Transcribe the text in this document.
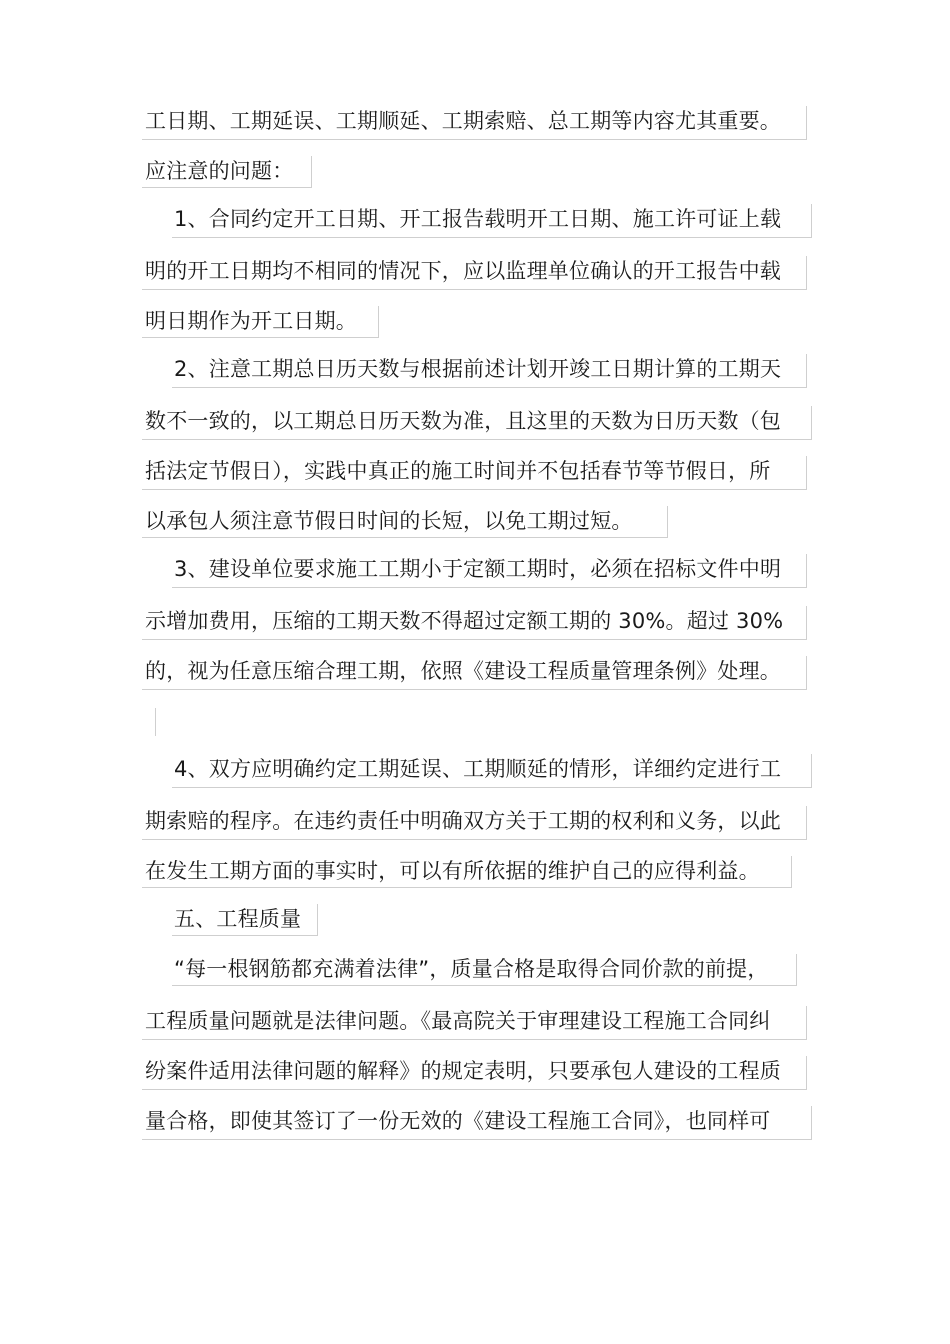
工日期、工期延误、工期顺延、工期索赔、总工期等内容尤其重要。
应注意的问题：
1、合同约定开工日期、开工报告载明开工日期、施工许可证上载
明的开工日期均不相同的情况下，应以监理单位确认的开工报告中载
明日期作为开工日期。
2、注意工期总日历天数与根据前述计划开竣工日期计算的工期天
数不一致的，以工期总日历天数为准，且这里的天数为日历天数（包
括法定节假日），实践中真正的施工时间并不包括春节等节假日，所
以承包人须注意节假日时间的长短，以免工期过短。
3、建设单位要求施工工期小于定额工期时，必须在招标文件中明
示增加费用，压缩的工期天数不得超过定额工期的 30%。超过 30%
的，视为任意压缩合理工期，依照《建设工程质量管理条例》处理。
4、双方应明确约定工期延误、工期顺延的情形，详细约定进行工
期索赔的程序。在违约责任中明确双方关于工期的权利和义务，以此
在发生工期方面的事实时，可以有所依据的维护自己的应得利益。
五、工程质量
“每一根钢筋都充满着法律”，质量合格是取得合同价款的前提，
工程质量问题就是法律问题。《最高院关于审理建设工程施工合同纠
纷案件适用法律问题的解释》的规定表明，只要承包人建设的工程质
量合格，即使其签订了一份无效的《建设工程施工合同》，也同样可
